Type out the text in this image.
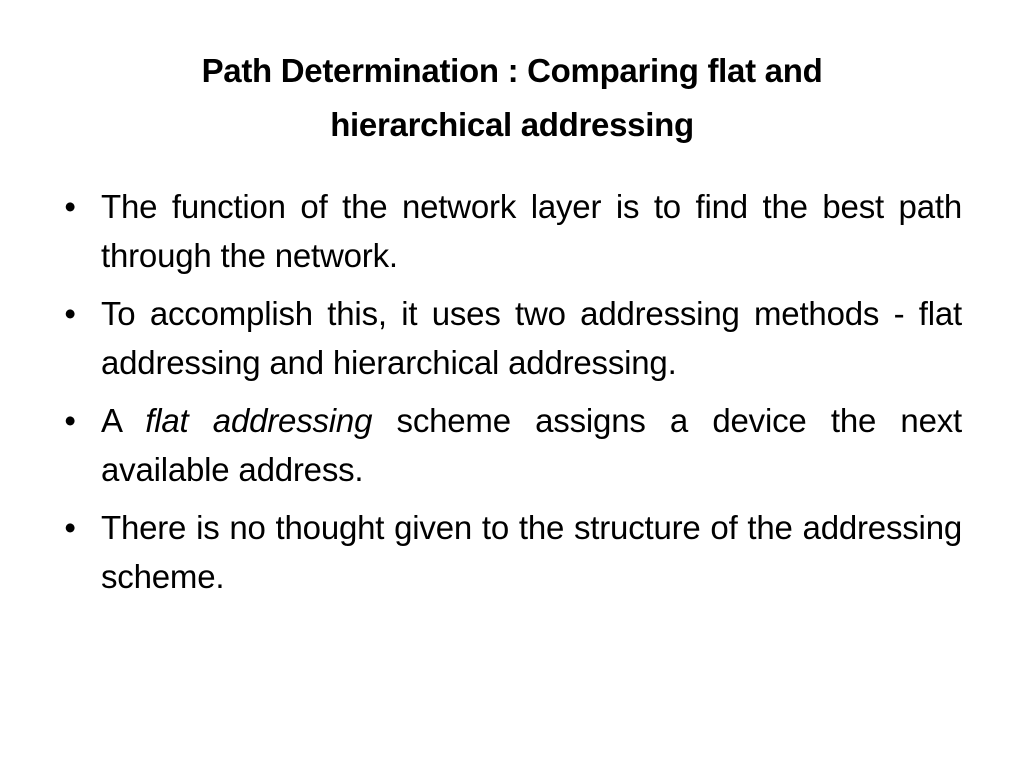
Path Determination : Comparing flat and
hierarchical addressing
• The function of the network layer is to find the best path through the network.
• To accomplish this, it uses two addressing methods - flat addressing and hierarchical addressing.
• A flat addressing scheme assigns a device the next available address.
• There is no thought given to the structure of the addressing scheme.
